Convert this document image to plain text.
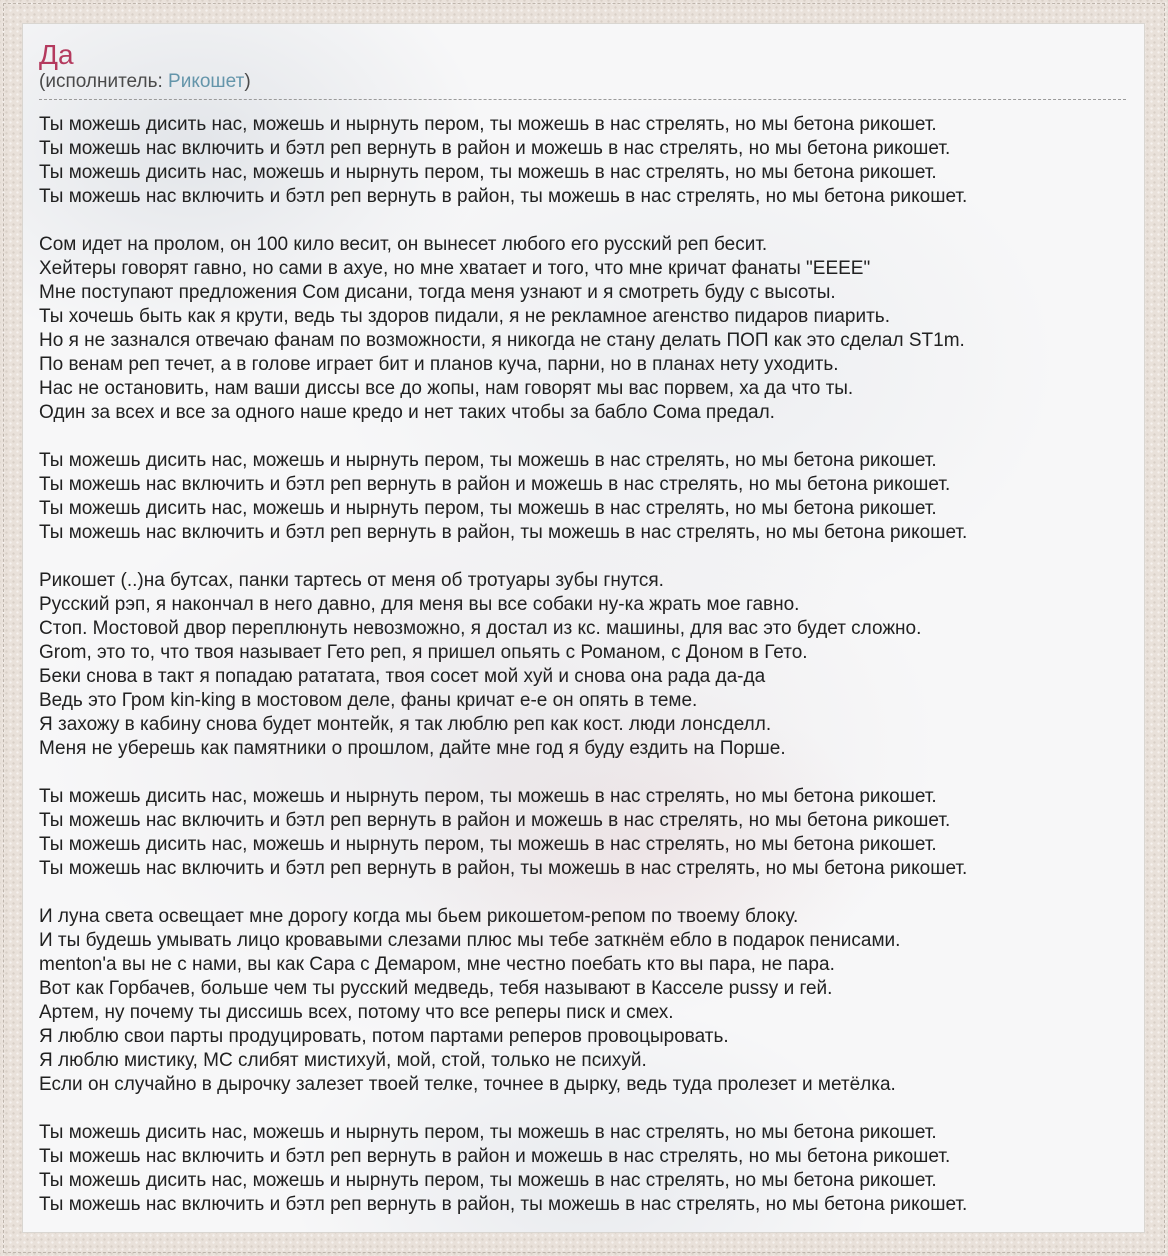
Да
(исполнитель: Рикошет)
Ты можешь дисить нас, можешь и нырнуть пером, ты можешь в нас стрелять, но мы бетона рикошет.
Ты можешь нас включить и бэтл реп вернуть в район и можешь в нас стрелять, но мы бетона рикошет.
Ты можешь дисить нас, можешь и нырнуть пером, ты можешь в нас стрелять, но мы бетона рикошет.
Ты можешь нас включить и бэтл реп вернуть в район, ты можешь в нас стрелять, но мы бетона рикошет.
Сом идет на пролом, он 100 кило весит, он вынесет любого его русский реп бесит.
Хейтеры говорят гавно, но сами в ахуе, но мне хватает и того, что мне кричат фанаты "ЕЕЕЕ"
Мне поступают предложения Сом дисани, тогда меня узнают и я смотреть буду с высоты.
Ты хочешь быть как я крути, ведь ты здоров пидали, я не рекламное агенство пидаров пиарить.
Но я не зазнался отвечаю фанам по возможности, я никогда не стану делать ПОП как это сделал ST1m.
По венам реп течет, а в голове играет бит и планов куча, парни, но в планах нету уходить.
Нас не остановить, нам ваши диссы все до жопы, нам говорят мы вас порвем, ха да что ты.
Один за всех и все за одного наше кредо и нет таких чтобы за бабло Сома предал.
Ты можешь дисить нас, можешь и нырнуть пером, ты можешь в нас стрелять, но мы бетона рикошет.
Ты можешь нас включить и бэтл реп вернуть в район и можешь в нас стрелять, но мы бетона рикошет.
Ты можешь дисить нас, можешь и нырнуть пером, ты можешь в нас стрелять, но мы бетона рикошет.
Ты можешь нас включить и бэтл реп вернуть в район, ты можешь в нас стрелять, но мы бетона рикошет.
Рикошет (..)на бутсах, панки тартесь от меня об тротуары зубы гнутся.
Русский рэп, я накончал в него давно, для меня вы все собаки ну-ка жрать мое гавно.
Стоп. Мостовой двор переплюнуть невозможно, я достал из кс. машины, для вас это будет сложно.
Grom, это то, что твоя называет Гето реп, я пришел опьять с Романом, с Доном в Гето.
Беки снова в такт я попадаю рататата, твоя сосет мой хуй и снова она рада да-да
Ведь это Гром kin-king в мостовом деле, фаны кричат е-е он опять в теме.
Я захожу в кабину снова будет монтейк, я так люблю реп как кост. люди лонсделл.
Меня не уберешь как памятники о прошлом, дайте мне год я буду ездить на Порше.
Ты можешь дисить нас, можешь и нырнуть пером, ты можешь в нас стрелять, но мы бетона рикошет.
Ты можешь нас включить и бэтл реп вернуть в район и можешь в нас стрелять, но мы бетона рикошет.
Ты можешь дисить нас, можешь и нырнуть пером, ты можешь в нас стрелять, но мы бетона рикошет.
Ты можешь нас включить и бэтл реп вернуть в район, ты можешь в нас стрелять, но мы бетона рикошет.
И луна света освещает мне дорогу когда мы бьем рикошетом-репом по твоему блоку.
И ты будешь умывать лицо кровавыми слезами плюс мы тебе заткнём ебло в подарок пенисами.
menton'a вы не с нами, вы как Сара с Демаром, мне честно поебать кто вы пара, не пара.
Вот как Горбачев, больше чем ты русский медведь, тебя называют в Касселе pussy и гей.
Артем, ну почему ты диссишь всех, потому что все реперы писк и смех.
Я люблю свои парты продуцировать, потом партами реперов провоцыровать.
Я люблю мистику, МС слибят мистихуй, мой, стой, только не психуй.
Если он случайно в дырочку залезет твоей телке, точнее в дырку, ведь туда пролезет и метёлка.
Ты можешь дисить нас, можешь и нырнуть пером, ты можешь в нас стрелять, но мы бетона рикошет.
Ты можешь нас включить и бэтл реп вернуть в район и можешь в нас стрелять, но мы бетона рикошет.
Ты можешь дисить нас, можешь и нырнуть пером, ты можешь в нас стрелять, но мы бетона рикошет.
Ты можешь нас включить и бэтл реп вернуть в район, ты можешь в нас стрелять, но мы бетона рикошет.
